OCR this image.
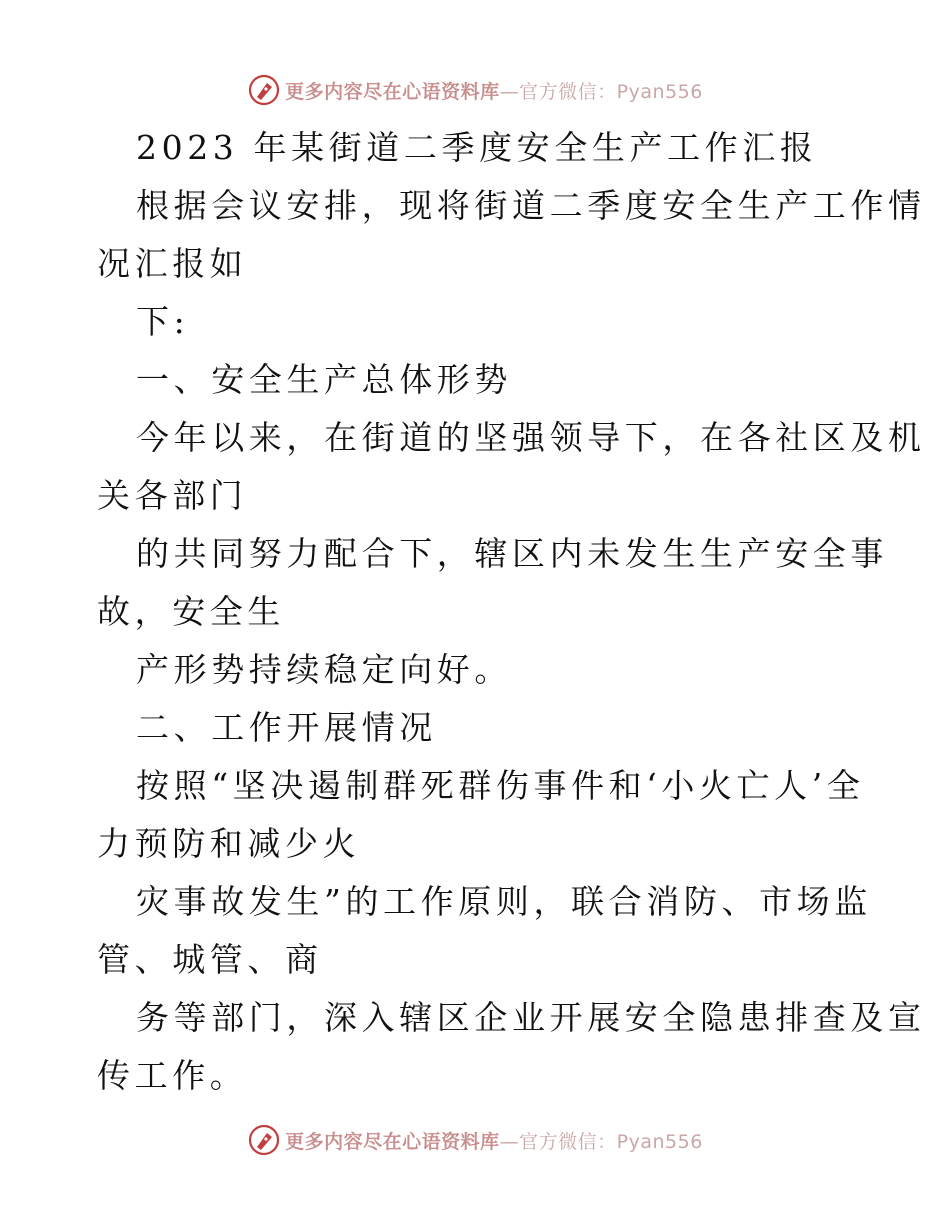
更多内容尽在心语资料库—官方微信：Pyan556
2023 年某街道二季度安全生产工作汇报
根据会议安排，现将街道二季度安全生产工作情
况汇报如
下:
一、安全生产总体形势
今年以来，在街道的坚强领导下，在各社区及机
关各部门
的共同努力配合下，辖区内未发生生产安全事
故，安全生
产形势持续稳定向好。
二、工作开展情况
按照“坚决遏制群死群伤事件和‘小火亡人’全
力预防和减少火
灾事故发生”的工作原则，联合消防、市场监
管、城管、商
务等部门，深入辖区企业开展安全隐患排查及宣
传工作。
更多内容尽在心语资料库—官方微信：Pyan556
